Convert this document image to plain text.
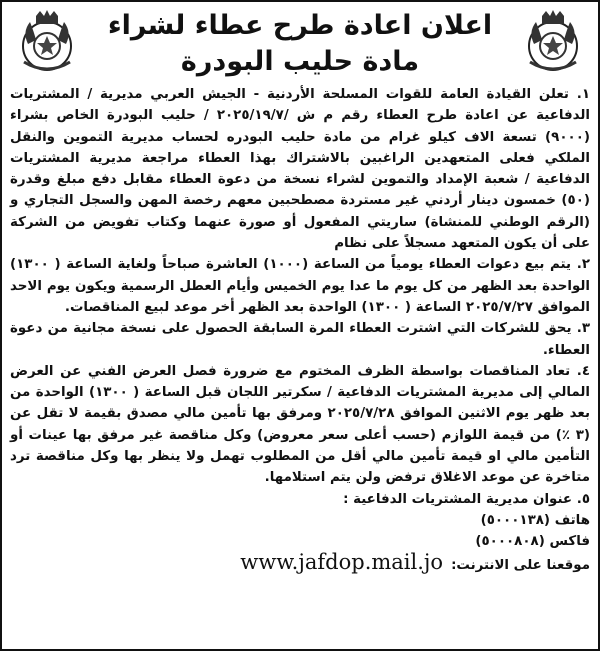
اعلان اعادة طرح عطاء لشراء
مادة حليب البودرة

١. تعلن القيادة العامة للقوات المسلحة الأردنية - الجيش العربي مديرية / المشتريات الدفاعية عن اعادة طرح العطاء رقم م ش /٢٠٢٥/١٩/٧ / حليب البودرة الخاص بشراء (٩٠٠٠) تسعة الاف كيلو غرام من مادة حليب البودره لحساب مديرية التموين والنقل الملكي فعلى المتعهدين الراغبين بالاشتراك بهذا العطاء مراجعة مديرية المشتريات الدفاعية / شعبة الإمداد والتموين لشراء نسخة من دعوة العطاء مقابل دفع مبلغ وقدرة (٥٠) خمسون دينار أردني غير مستردة مصطحبين معهم رخصة المهن والسجل التجاري و (الرقم الوطني للمنشاة) ساريتي المفعول أو صورة عنهما وكتاب تفويض من الشركة على أن يكون المتعهد مسجلاً على نظام

٢. يتم بيع دعوات العطاء يومياً من الساعة (١٠٠٠) العاشرة صباحاً ولغاية الساعة ( ١٣٠٠) الواحدة بعد الظهر من كل يوم ما عدا يوم الخميس وأيام العطل الرسمية ويكون يوم الاحد الموافق ٢٠٢٥/٧/٢٧ الساعة ( ١٣٠٠) الواحدة بعد الظهر أخر موعد لبيع المناقصات.

٣. يحق للشركات التي اشترت العطاء المرة السابقة الحصول على نسخة مجانية من دعوة العطاء.

٤. تعاد المناقصات بواسطة الظرف المختوم مع ضرورة فصل العرض الفني عن العرض المالي إلى مديرية المشتريات الدفاعية / سكرتير اللجان قبل الساعة ( ١٣٠٠) الواحدة من بعد ظهر يوم الاثنين الموافق ٢٠٢٥/٧/٢٨ ومرفق بها تأمين مالي مصدق بقيمة لا تقل عن (٣ ٪) من قيمة اللوازم (حسب أعلى سعر معروض) وكل مناقصة غير مرفق بها عينات أو التأمين مالي او قيمة تأمين مالي أقل من المطلوب تهمل ولا ينظر بها وكل مناقصة ترد متاخرة عن موعد الاغلاق ترفض ولن يتم استلامها.

٥. عنوان مديرية المشتريات الدفاعية :
هاتف (٥٠٠٠١٣٨)
فاكس (٥٠٠٠٨٠٨)
موقعنا على الانترنت:
www.jafdop.mail.jo
